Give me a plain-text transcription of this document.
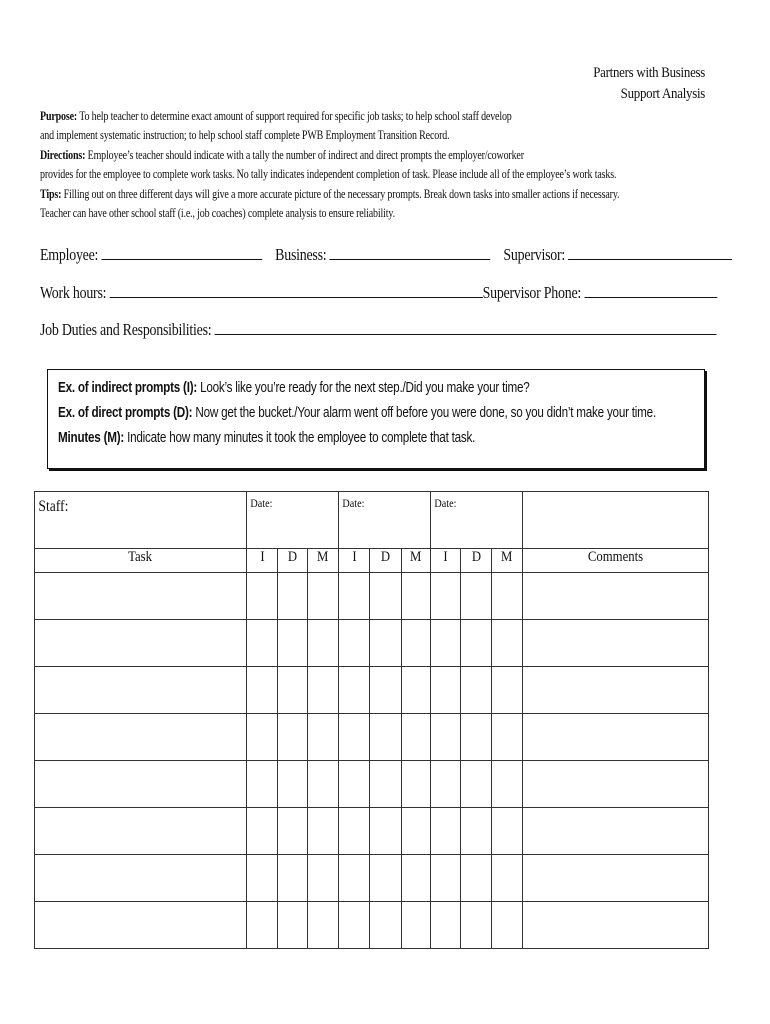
Partners with Business
Support Analysis
Purpose: To help teacher to determine exact amount of support required for specific job tasks; to help school staff develop
and implement systematic instruction; to help school staff complete PWB Employment Transition Record.
Directions: Employee’s teacher should indicate with a tally the number of indirect and direct prompts the employer/coworker
provides for the employee to complete work tasks. No tally indicates independent completion of task. Please include all of the employee’s work tasks.
Tips: Filling out on three different days will give a more accurate picture of the necessary prompts. Break down tasks into smaller actions if necessary.
Teacher can have other school staff (i.e., job coaches) complete analysis to ensure reliability.
Employee:	Business:	Supervisor:
Work hours:	Supervisor Phone:
Job Duties and Responsibilities:
Ex. of indirect prompts (I): Look’s like you’re ready for the next step./Did you make your time?
Ex. of direct prompts (D): Now get the bucket./Your alarm went off before you were done, so you didn’t make your time.
Minutes (M): Indicate how many minutes it took the employee to complete that task.
Staff:	Date:			Date:			Date:			

Task	I	D	M	I	D	M	I	D	M	Comments
